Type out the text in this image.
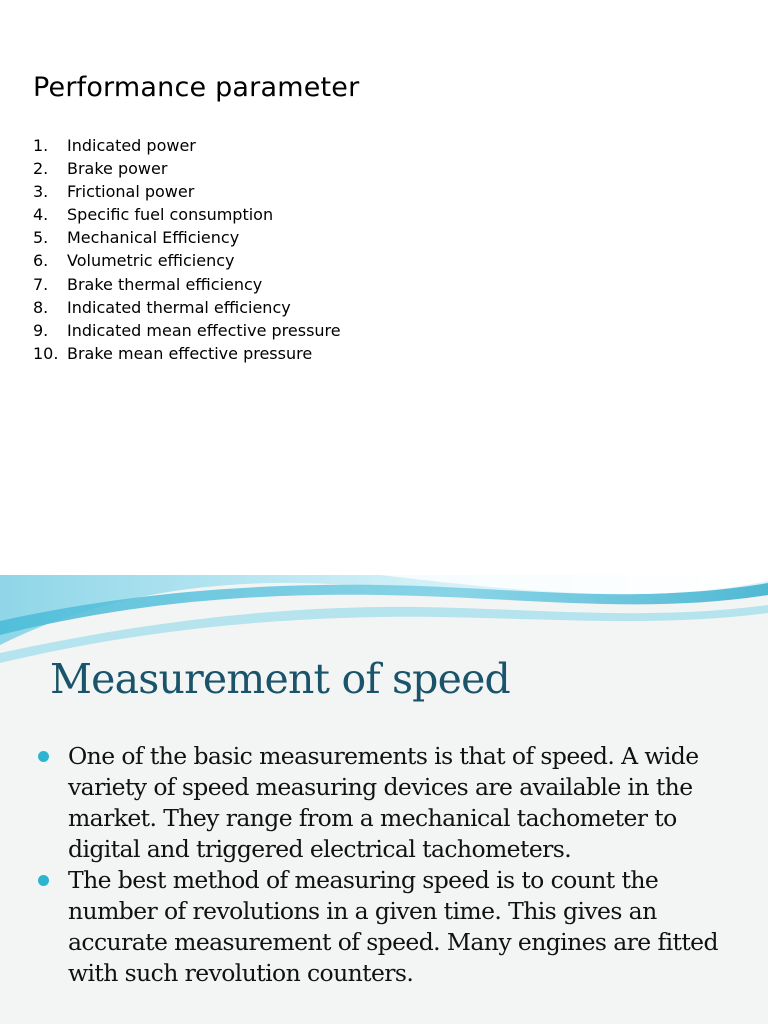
Performance parameter
1. Indicated power
2. Brake power
3. Frictional power
4. Specific fuel consumption
5. Mechanical Efficiency
6. Volumetric efficiency
7. Brake thermal efficiency
8. Indicated thermal efficiency
9. Indicated mean effective pressure
10. Brake mean effective pressure
Measurement of speed
One of the basic measurements is that of speed. A wide variety of speed measuring devices are available in the market. They range from a mechanical tachometer to digital and triggered electrical tachometers.
The best method of measuring speed is to count the number of revolutions in a given time. This gives an accurate measurement of speed. Many engines are fitted with such revolution counters.
